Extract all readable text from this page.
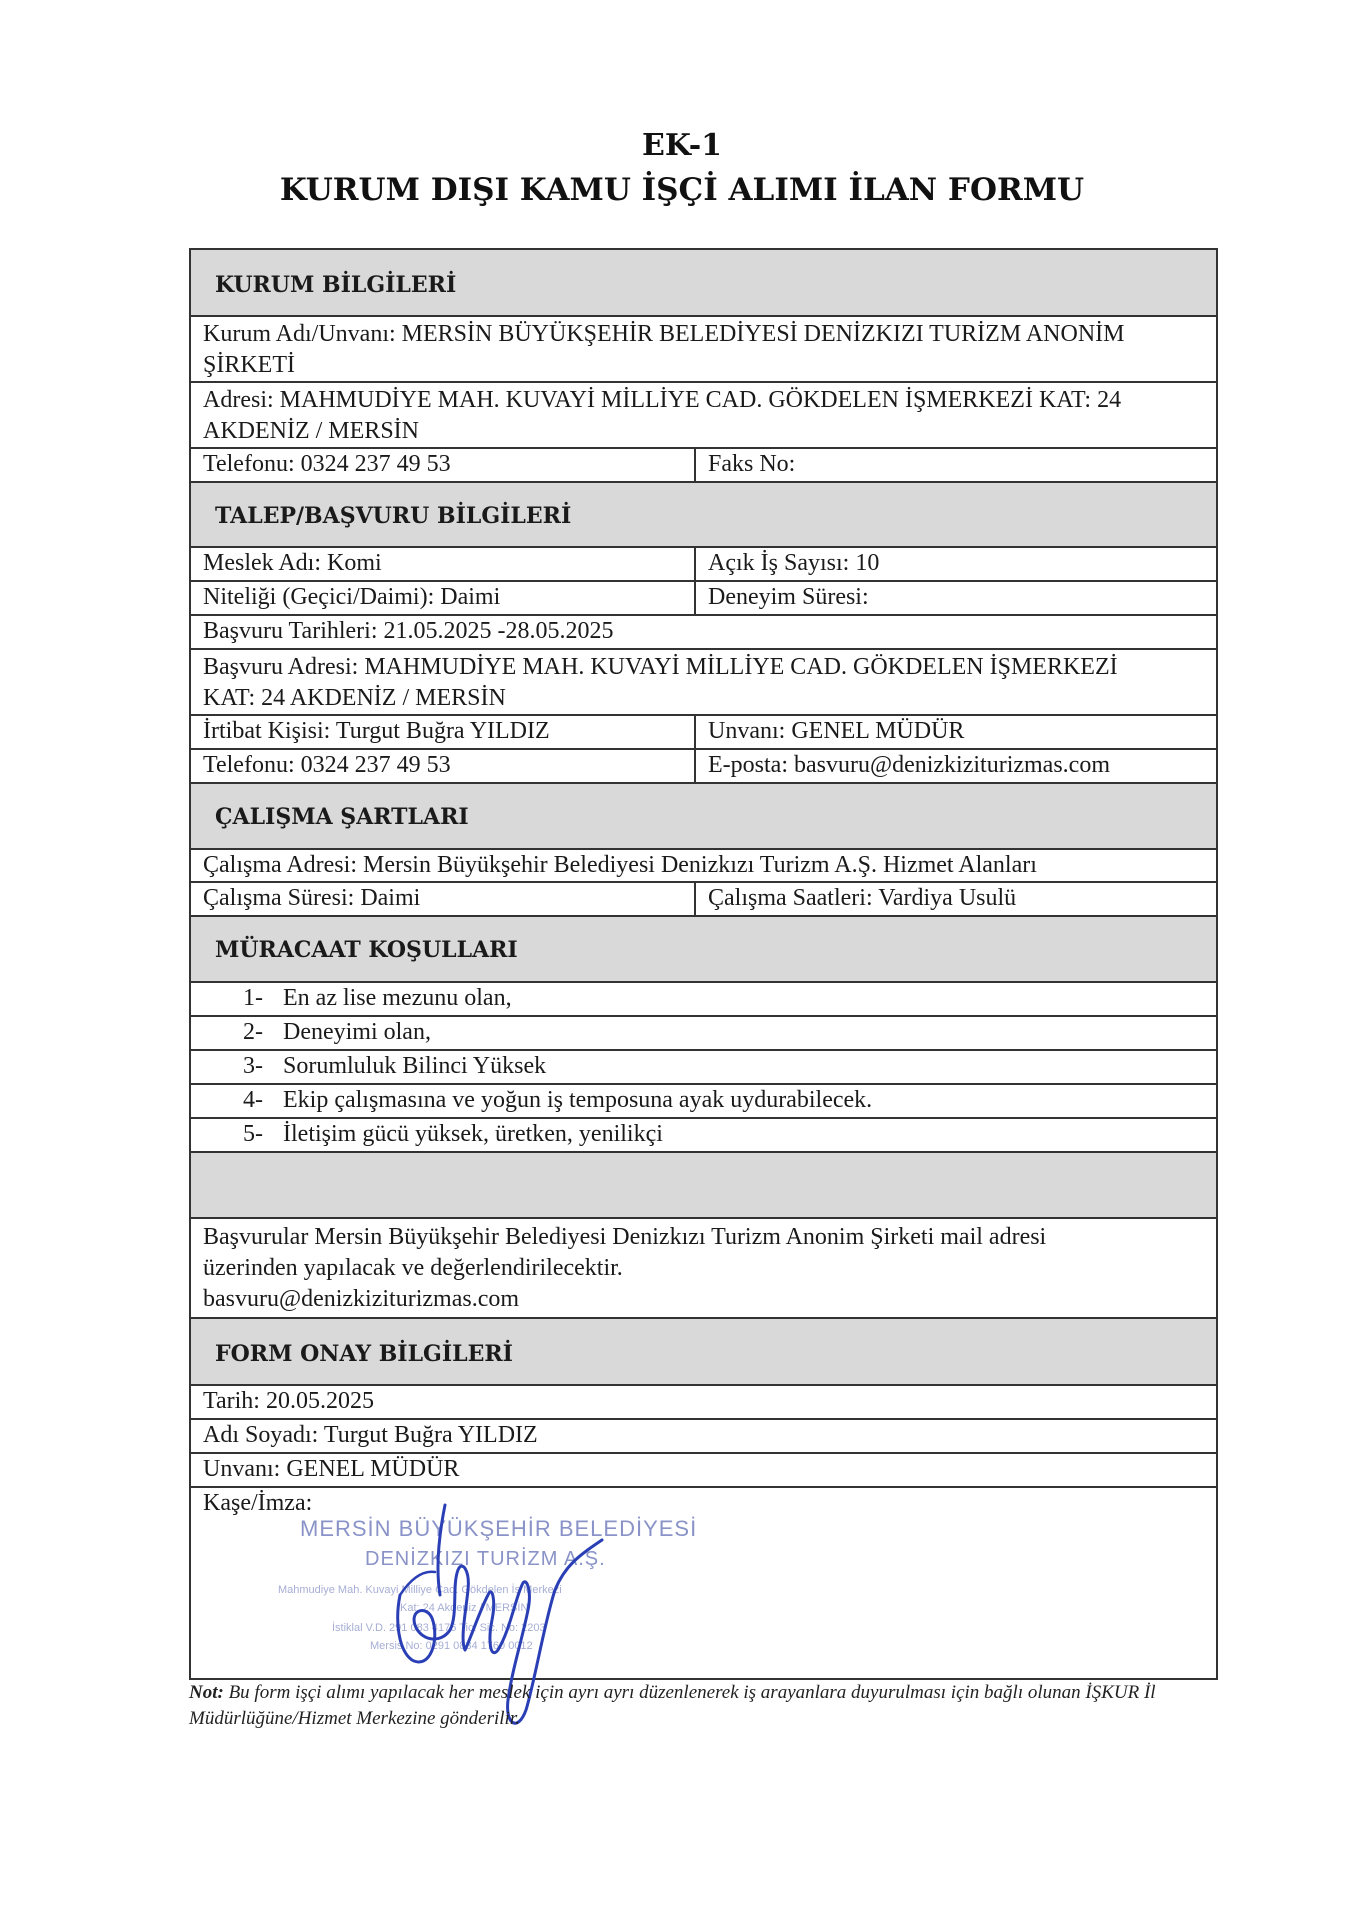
EK-1
KURUM DIŞI KAMU İŞÇİ ALIMI İLAN FORMU
KURUM BİLGİLERİ
Kurum Adı/Unvanı: MERSİN BÜYÜKŞEHİR BELEDİYESİ DENİZKIZI TURİZM ANONİM
ŞİRKETİ
Adresi: MAHMUDİYE MAH. KUVAYİ MİLLİYE CAD. GÖKDELEN İŞMERKEZİ KAT: 24
AKDENİZ / MERSİN
Telefonu: 0324 237 49 53	Faks No:
TALEP/BAŞVURU BİLGİLERİ
Meslek Adı: Komi	Açık İş Sayısı: 10
Niteliği (Geçici/Daimi): Daimi	Deneyim Süresi:
Başvuru Tarihleri: 21.05.2025 -28.05.2025
Başvuru Adresi: MAHMUDİYE MAH. KUVAYİ MİLLİYE CAD. GÖKDELEN İŞMERKEZİ
KAT: 24 AKDENİZ / MERSİN
İrtibat Kişisi: Turgut Buğra YILDIZ	Unvanı: GENEL MÜDÜR
Telefonu: 0324 237 49 53	E-posta: basvuru@denizkiziturizmas.com
ÇALIŞMA ŞARTLARI
Çalışma Adresi: Mersin Büyükşehir Belediyesi Denizkızı Turizm A.Ş. Hizmet Alanları
Çalışma Süresi: Daimi	Çalışma Saatleri: Vardiya Usulü
MÜRACAAT KOŞULLARI
1- En az lise mezunu olan,
2- Deneyimi olan,
3- Sorumluluk Bilinci Yüksek
4- Ekip çalışmasına ve yoğun iş temposuna ayak uydurabilecek.
5- İletişim gücü yüksek, üretken, yenilikçi
Başvurular Mersin Büyükşehir Belediyesi Denizkızı Turizm Anonim Şirketi mail adresi
üzerinden yapılacak ve değerlendirilecektir.
basvuru@denizkiziturizmas.com
FORM ONAY BİLGİLERİ
Tarih: 20.05.2025
Adı Soyadı: Turgut Buğra YILDIZ
Unvanı: GENEL MÜDÜR
Kaşe/İmza:
MERSİN BÜYÜKŞEHİR BELEDİYESİ
DENİZKIZI TURİZM A.Ş.
Mahmudiye Mah. Kuvayi Milliye Cad. Gökdelen İş Merkezi
Kat: 24 Akdeniz / MERSİN
İstiklal V.D. 291 083 4176 Tic. Sic. No: 2203
Mersis No: 0291 0834 1760 0012
Not: Bu form işçi alımı yapılacak her meslek için ayrı ayrı düzenlenerek iş arayanlara duyurulması için bağlı olunan İŞKUR İl Müdürlüğüne/Hizmet Merkezine gönderilir.
